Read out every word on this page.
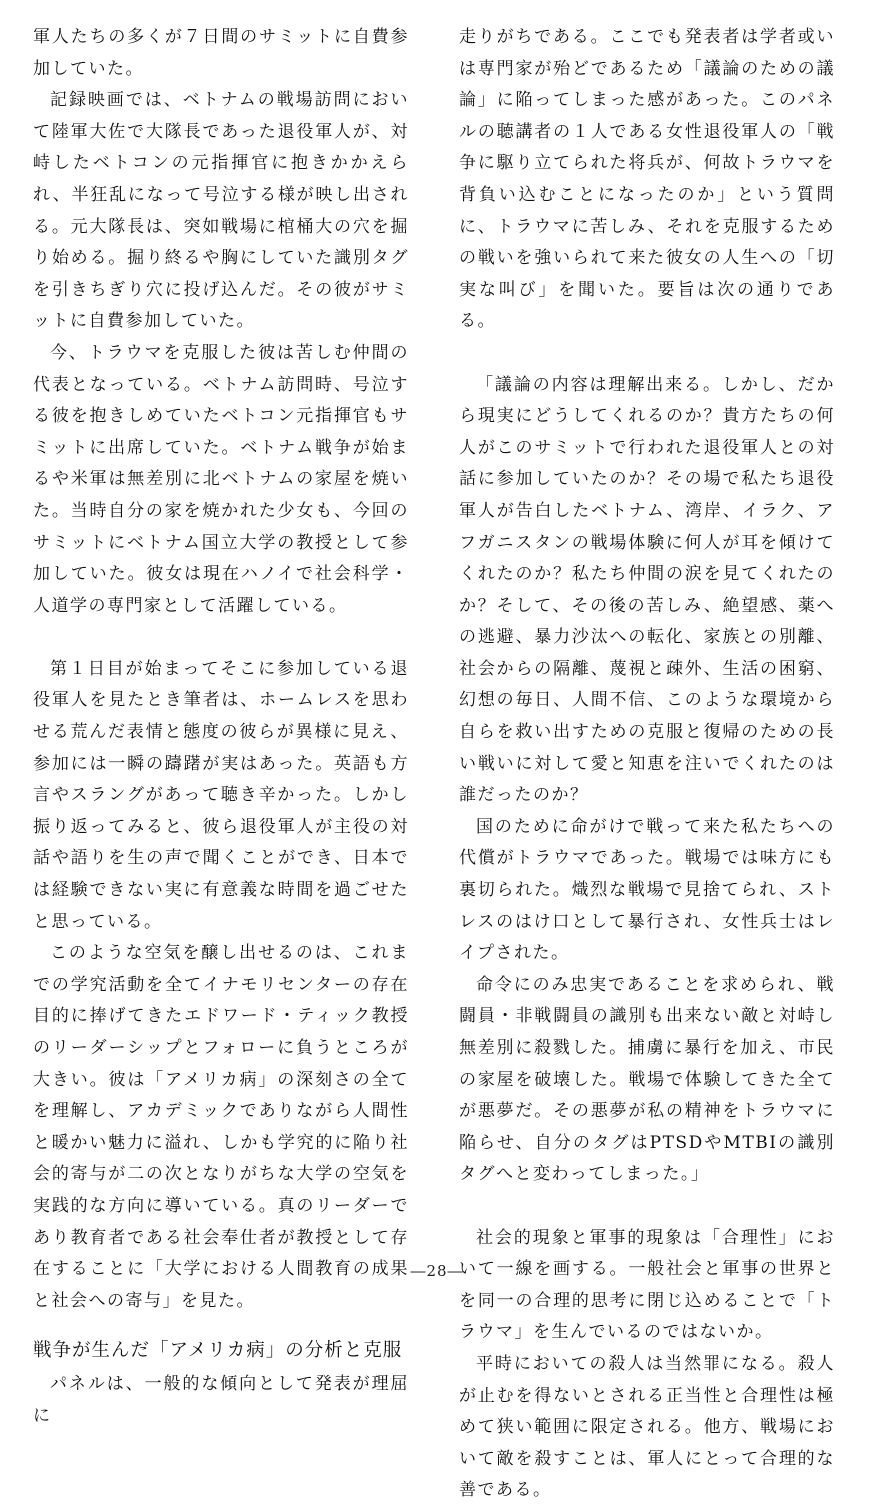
軍人たちの多くが７日間のサミットに自費参加していた。

記録映画では、ベトナムの戦場訪問において陸軍大佐で大隊長であった退役軍人が、対峙したベトコンの元指揮官に抱きかかえられ、半狂乱になって号泣する様が映し出される。元大隊長は、突如戦場に棺桶大の穴を掘り始める。掘り終るや胸にしていた識別タグを引きちぎり穴に投げ込んだ。その彼がサミットに自費参加していた。

今、トラウマを克服した彼は苦しむ仲間の代表となっている。ベトナム訪問時、号泣する彼を抱きしめていたベトコン元指揮官もサミットに出席していた。ベトナム戦争が始まるや米軍は無差別に北ベトナムの家屋を焼いた。当時自分の家を焼かれた少女も、今回のサミットにベトナム国立大学の教授として参加していた。彼女は現在ハノイで社会科学・人道学の専門家として活躍している。

第１日目が始まってそこに参加している退役軍人を見たとき筆者は、ホームレスを思わせる荒んだ表情と態度の彼らが異様に見え、参加には一瞬の躊躇が実はあった。英語も方言やスラングがあって聴き辛かった。しかし振り返ってみると、彼ら退役軍人が主役の対話や語りを生の声で聞くことができ、日本では経験できない実に有意義な時間を過ごせたと思っている。

このような空気を醸し出せるのは、これまでの学究活動を全てイナモリセンターの存在目的に捧げてきたエドワード・ティック教授のリーダーシップとフォローに負うところが大きい。彼は「アメリカ病」の深刻さの全てを理解し、アカデミックでありながら人間性と暖かい魅力に溢れ、しかも学究的に陥り社会的寄与が二の次となりがちな大学の空気を実践的な方向に導いている。真のリーダーであり教育者である社会奉仕者が教授として存在することに「大学における人間教育の成果と社会への寄与」を見た。

戦争が生んだ「アメリカ病」の分析と克服

パネルは、一般的な傾向として発表が理屈に

走りがちである。ここでも発表者は学者或いは専門家が殆どであるため「議論のための議論」に陥ってしまった感があった。このパネルの聴講者の１人である女性退役軍人の「戦争に駆り立てられた将兵が、何故トラウマを背負い込むことになったのか」という質問に、トラウマに苦しみ、それを克服するための戦いを強いられて来た彼女の人生への「切実な叫び」を聞いた。要旨は次の通りである。

「議論の内容は理解出来る。しかし、だから現実にどうしてくれるのか？貴方たちの何人がこのサミットで行われた退役軍人との対話に参加していたのか？その場で私たち退役軍人が告白したベトナム、湾岸、イラク、アフガニスタンの戦場体験に何人が耳を傾けてくれたのか？私たち仲間の涙を見てくれたのか？そして、その後の苦しみ、絶望感、薬への逃避、暴力沙汰への転化、家族との別離、社会からの隔離、蔑視と疎外、生活の困窮、幻想の毎日、人間不信、このような環境から自らを救い出すための克服と復帰のための長い戦いに対して愛と知恵を注いでくれたのは誰だったのか？

国のために命がけで戦って来た私たちへの代償がトラウマであった。戦場では味方にも裏切られた。熾烈な戦場で見捨てられ、ストレスのはけ口として暴行され、女性兵士はレイプされた。

命令にのみ忠実であることを求められ、戦闘員・非戦闘員の識別も出来ない敵と対峙し無差別に殺戮した。捕虜に暴行を加え、市民の家屋を破壊した。戦場で体験してきた全てが悪夢だ。その悪夢が私の精神をトラウマに陥らせ、自分のタグはPTSDやMTBIの識別タグへと変わってしまった。」

社会的現象と軍事的現象は「合理性」において一線を画する。一般社会と軍事の世界とを同一の合理的思考に閉じ込めることで「トラウマ」を生んでいるのではないか。

平時においての殺人は当然罪になる。殺人が止むを得ないとされる正当性と合理性は極めて狭い範囲に限定される。他方、戦場において敵を殺すことは、軍人にとって合理的な善である。

―28―
